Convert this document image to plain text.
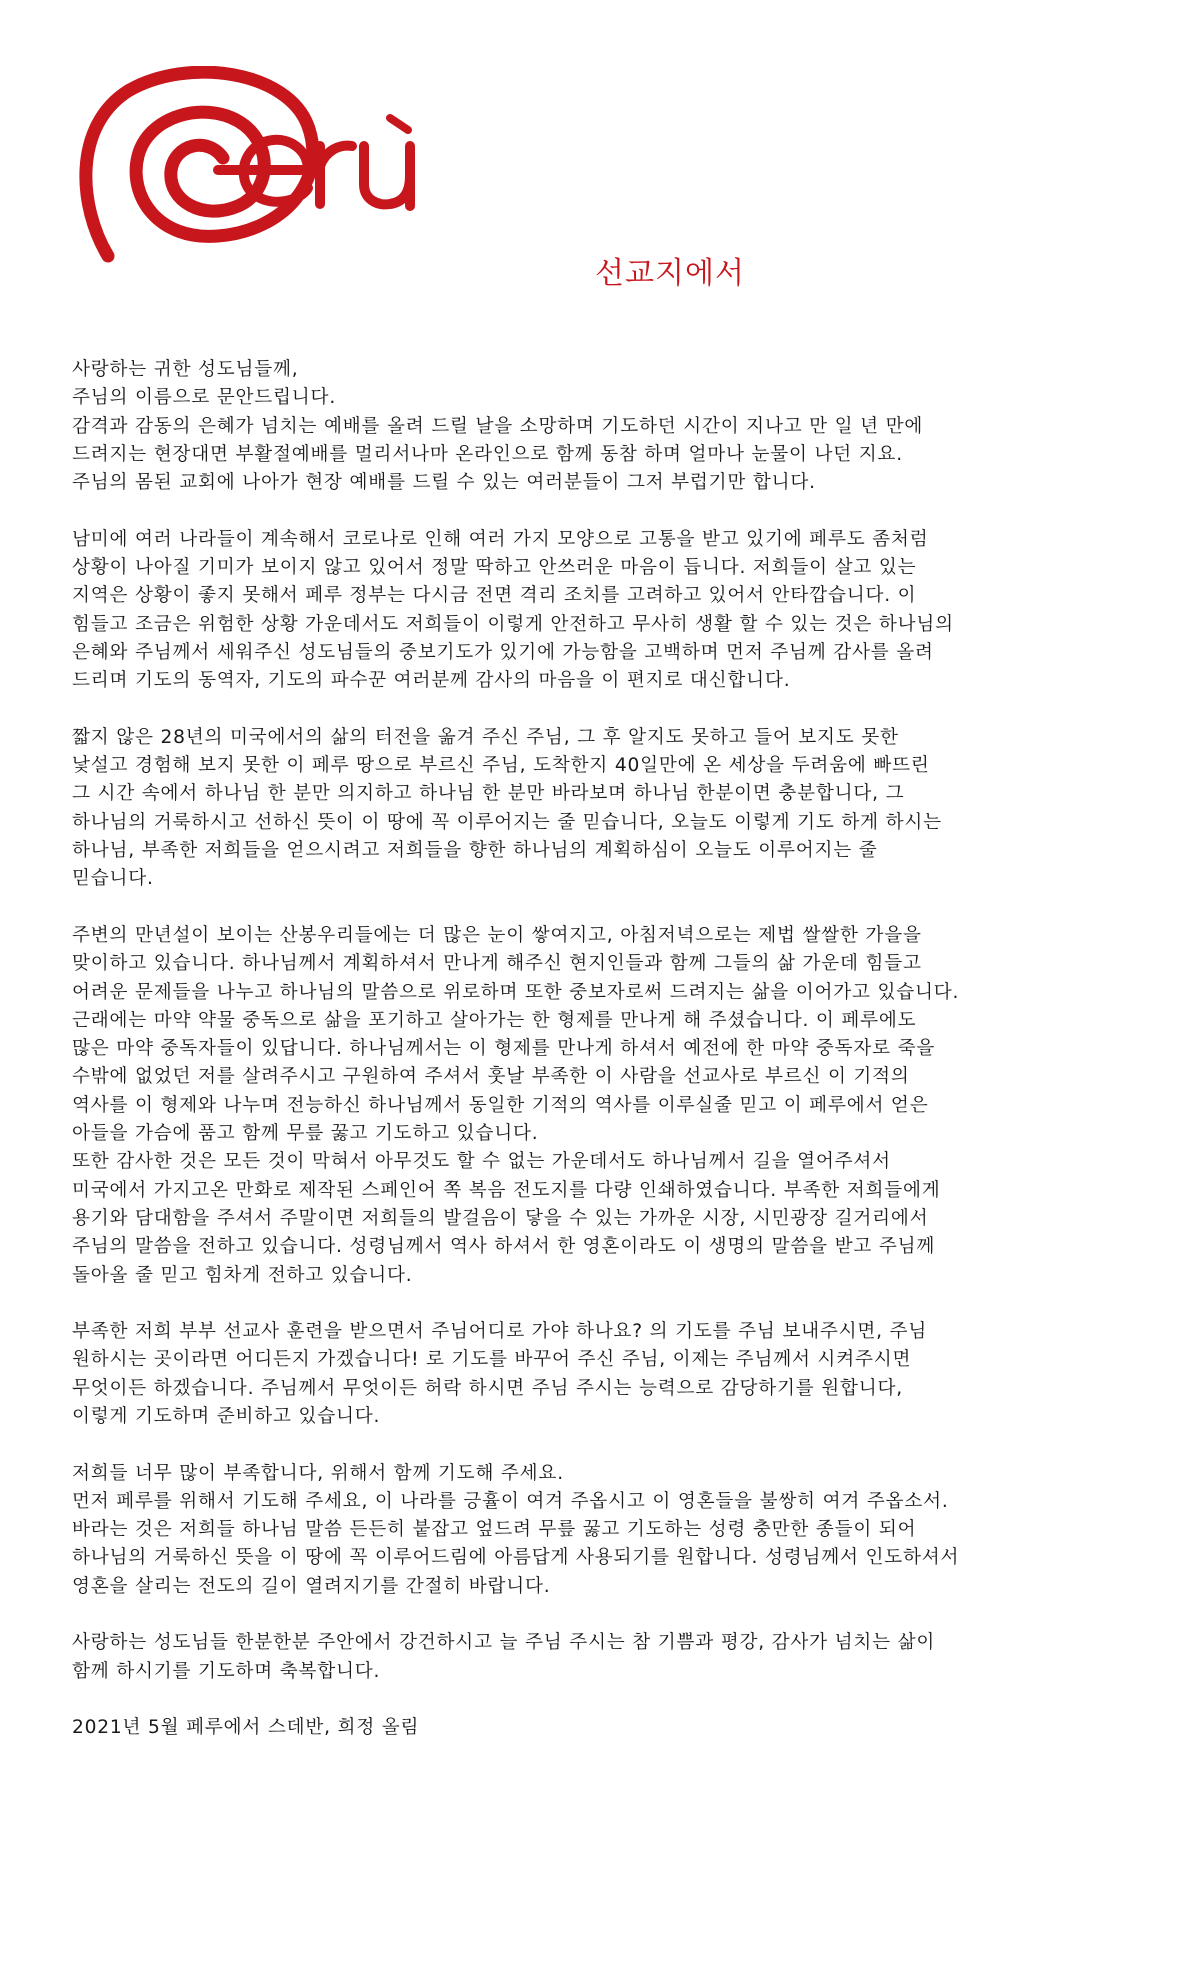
선교지에서
사랑하는 귀한 성도님들께,
주님의 이름으로 문안드립니다.
감격과 감동의 은혜가 넘치는 예배를 올려 드릴 날을 소망하며 기도하던 시간이 지나고 만 일 년 만에
드려지는 현장대면 부활절예배를 멀리서나마 온라인으로 함께 동참 하며 얼마나 눈물이 나던 지요.
주님의 몸된 교회에 나아가 현장 예배를 드릴 수 있는 여러분들이 그저 부럽기만 합니다.
남미에 여러 나라들이 계속해서 코로나로 인해 여러 가지 모양으로 고통을 받고 있기에 페루도 좀처럼
상황이 나아질 기미가 보이지 않고 있어서 정말 딱하고 안쓰러운 마음이 듭니다. 저희들이 살고 있는
지역은 상황이 좋지 못해서 페루 정부는 다시금 전면 격리 조치를 고려하고 있어서 안타깝습니다. 이
힘들고 조금은 위험한 상황 가운데서도 저희들이 이렇게 안전하고 무사히 생활 할 수 있는 것은 하나님의
은혜와 주님께서 세워주신 성도님들의 중보기도가 있기에 가능함을 고백하며 먼저 주님께 감사를 올려
드리며 기도의 동역자, 기도의 파수꾼 여러분께 감사의 마음을 이 편지로 대신합니다.
짧지 않은 28년의 미국에서의 삶의 터전을 옮겨 주신 주님, 그 후 알지도 못하고 들어 보지도 못한
낯설고 경험해 보지 못한 이 페루 땅으로 부르신 주님, 도착한지 40일만에 온 세상을 두려움에 빠뜨린
그 시간 속에서 하나님 한 분만 의지하고 하나님 한 분만 바라보며 하나님 한분이면 충분합니다, 그
하나님의 거룩하시고 선하신 뜻이 이 땅에 꼭 이루어지는 줄 믿습니다, 오늘도 이렇게 기도 하게 하시는
하나님, 부족한 저희들을 얻으시려고 저희들을 향한 하나님의 계획하심이 오늘도 이루어지는 줄
믿습니다.
주변의 만년설이 보이는 산봉우리들에는 더 많은 눈이 쌓여지고, 아침저녁으로는 제법 쌀쌀한 가을을
맞이하고 있습니다. 하나님께서 계획하셔서 만나게 해주신 현지인들과 함께 그들의 삶 가운데 힘들고
어려운 문제들을 나누고 하나님의 말씀으로 위로하며 또한 중보자로써 드려지는 삶을 이어가고 있습니다.
근래에는 마약 약물 중독으로 삶을 포기하고 살아가는 한 형제를 만나게 해 주셨습니다. 이 페루에도
많은 마약 중독자들이 있답니다. 하나님께서는 이 형제를 만나게 하셔서 예전에 한 마약 중독자로 죽을
수밖에 없었던 저를 살려주시고 구원하여 주셔서 훗날 부족한 이 사람을 선교사로 부르신 이 기적의
역사를 이 형제와 나누며 전능하신 하나님께서 동일한 기적의 역사를 이루실줄 믿고 이 페루에서 얻은
아들을 가슴에 품고 함께 무릎 꿇고 기도하고 있습니다.
또한 감사한 것은 모든 것이 막혀서 아무것도 할 수 없는 가운데서도 하나님께서 길을 열어주셔서
미국에서 가지고온 만화로 제작된 스페인어 쪽 복음 전도지를 다량 인쇄하였습니다. 부족한 저희들에게
용기와 담대함을 주셔서 주말이면 저희들의 발걸음이 닿을 수 있는 가까운 시장, 시민광장 길거리에서
주님의 말씀을 전하고 있습니다. 성령님께서 역사 하셔서 한 영혼이라도 이 생명의 말씀을 받고 주님께
돌아올 줄 믿고 힘차게 전하고 있습니다.
부족한 저희 부부 선교사 훈련을 받으면서 주님어디로 가야 하나요? 의 기도를 주님 보내주시면, 주님
원하시는 곳이라면 어디든지 가겠습니다! 로 기도를 바꾸어 주신 주님, 이제는 주님께서 시켜주시면
무엇이든 하겠습니다. 주님께서 무엇이든 허락 하시면 주님 주시는 능력으로 감당하기를 원합니다,
이렇게 기도하며 준비하고 있습니다.
저희들 너무 많이 부족합니다, 위해서 함께 기도해 주세요.
먼저 페루를 위해서 기도해 주세요, 이 나라를 긍휼이 여겨 주옵시고 이 영혼들을 불쌍히 여겨 주옵소서.
바라는 것은 저희들 하나님 말씀 든든히 붙잡고 엎드려 무릎 꿇고 기도하는 성령 충만한 종들이 되어
하나님의 거룩하신 뜻을 이 땅에 꼭 이루어드림에 아름답게 사용되기를 원합니다. 성령님께서 인도하셔서
영혼을 살리는 전도의 길이 열려지기를 간절히 바랍니다.
사랑하는 성도님들 한분한분 주안에서 강건하시고 늘 주님 주시는 참 기쁨과 평강, 감사가 넘치는 삶이
함께 하시기를 기도하며 축복합니다.
2021년 5월 페루에서 스데반, 희정 올림
